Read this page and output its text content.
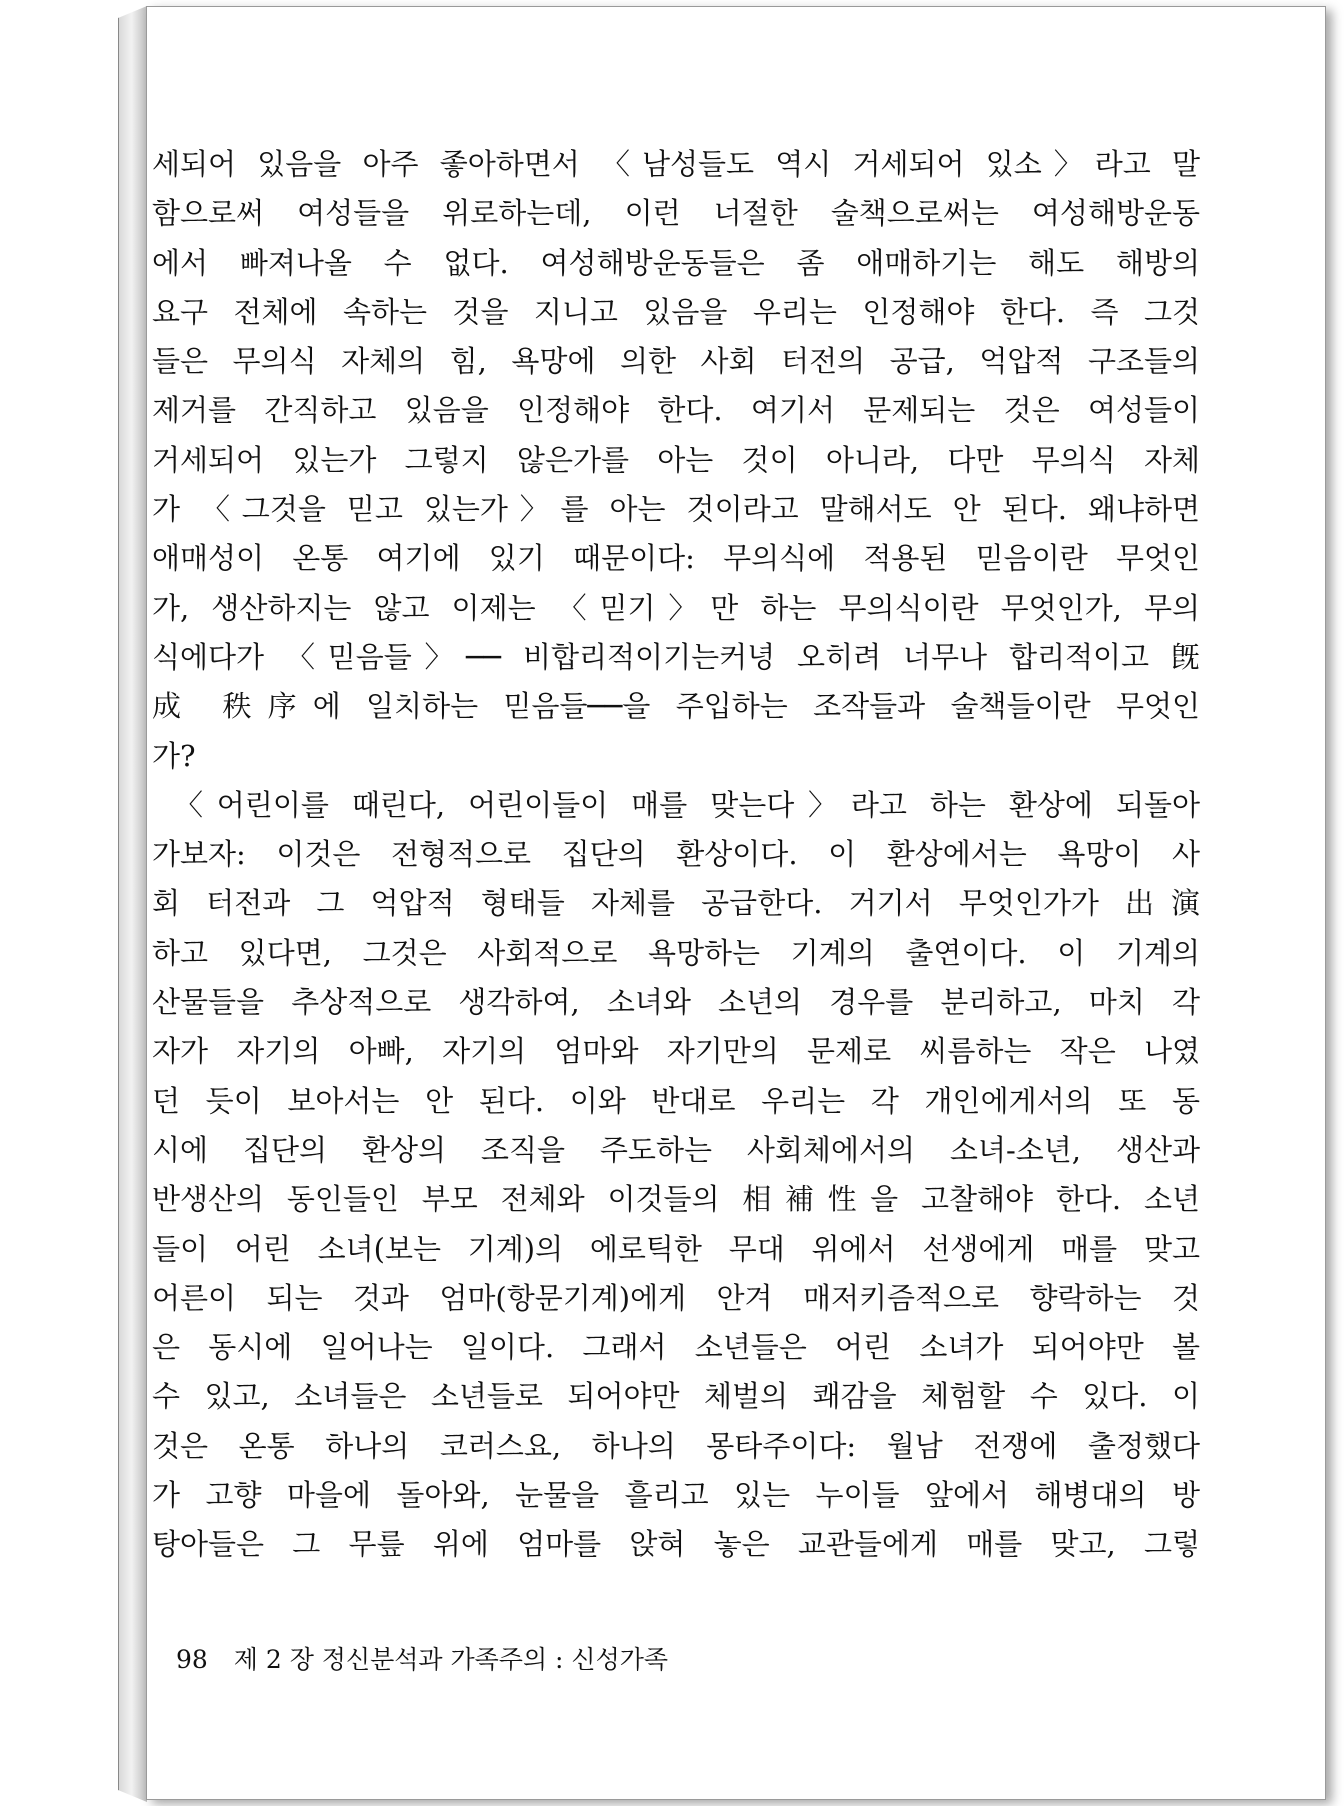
세되어 있음을 아주 좋아하면서 〈남성들도 역시 거세되어 있소〉라고 말
함으로써 여성들을 위로하는데, 이런 너절한 술책으로써는 여성해방운동
에서 빠져나올 수 없다. 여성해방운동들은 좀 애매하기는 해도 해방의
요구 전체에 속하는 것을 지니고 있음을 우리는 인정해야 한다. 즉 그것
들은 무의식 자체의 힘, 욕망에 의한 사회 터전의 공급, 억압적 구조들의
제거를 간직하고 있음을 인정해야 한다. 여기서 문제되는 것은 여성들이
거세되어 있는가 그렇지 않은가를 아는 것이 아니라, 다만 무의식 자체
가 〈그것을 믿고 있는가〉를 아는 것이라고 말해서도 안 된다. 왜냐하면
애매성이 온통 여기에 있기 때문이다: 무의식에 적용된 믿음이란 무엇인
가, 생산하지는 않고 이제는 〈믿기〉만 하는 무의식이란 무엇인가, 무의
식에다가 〈믿음들〉── 비합리적이기는커녕 오히려 너무나 합리적이고 旣
成 秩序에 일치하는 믿음들──을 주입하는 조작들과 술책들이란 무엇인
가?
〈어린이를 때린다, 어린이들이 매를 맞는다〉라고 하는 환상에 되돌아
가보자: 이것은 전형적으로 집단의 환상이다. 이 환상에서는 욕망이 사
회 터전과 그 억압적 형태들 자체를 공급한다. 거기서 무엇인가가 出演
하고 있다면, 그것은 사회적으로 욕망하는 기계의 출연이다. 이 기계의
산물들을 추상적으로 생각하여, 소녀와 소년의 경우를 분리하고, 마치 각
자가 자기의 아빠, 자기의 엄마와 자기만의 문제로 씨름하는 작은 나였
던 듯이 보아서는 안 된다. 이와 반대로 우리는 각 개인에게서의 또 동
시에 집단의 환상의 조직을 주도하는 사회체에서의 소녀-소년, 생산과
반생산의 동인들인 부모 전체와 이것들의 相補性을 고찰해야 한다. 소년
들이 어린 소녀(보는 기계)의 에로틱한 무대 위에서 선생에게 매를 맞고
어른이 되는 것과 엄마(항문기계)에게 안겨 매저키즘적으로 향락하는 것
은 동시에 일어나는 일이다. 그래서 소년들은 어린 소녀가 되어야만 볼
수 있고, 소녀들은 소년들로 되어야만 체벌의 쾌감을 체험할 수 있다. 이
것은 온통 하나의 코러스요, 하나의 몽타주이다: 월남 전쟁에 출정했다
가 고향 마을에 돌아와, 눈물을 흘리고 있는 누이들 앞에서 해병대의 방
탕아들은 그 무릎 위에 엄마를 앉혀 놓은 교관들에게 매를 맞고, 그렇
98 제 2 장 정신분석과 가족주의 : 신성가족
